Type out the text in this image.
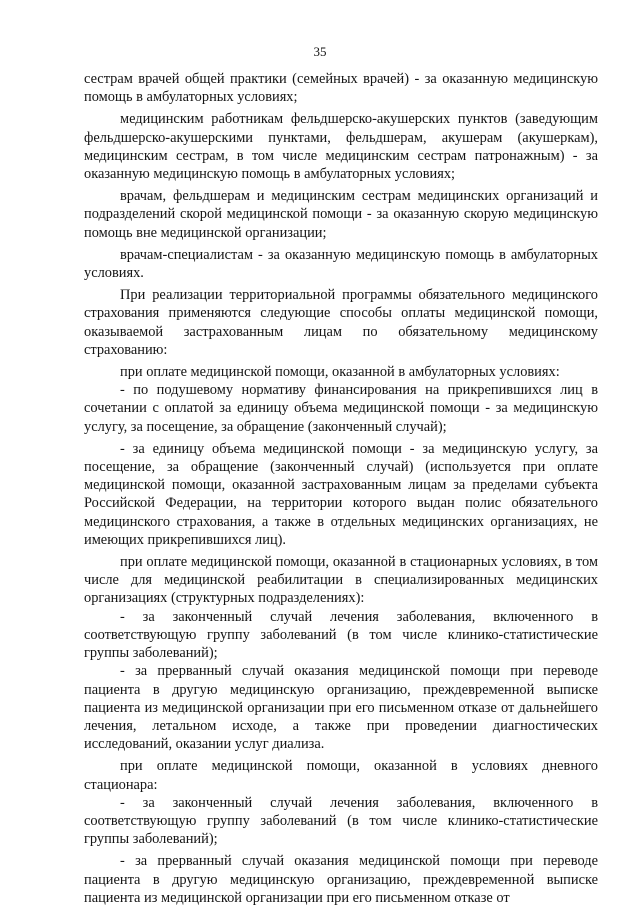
35

сестрам врачей общей практики (семейных врачей) - за оказанную медицинскую помощь в амбулаторных условиях;

медицинским работникам фельдшерско-акушерских пунктов (заведующим фельдшерско-акушерскими пунктами, фельдшерам, акушерам (акушеркам), медицинским сестрам, в том числе медицинским сестрам патронажным) - за оказанную медицинскую помощь в амбулаторных условиях;

врачам, фельдшерам и медицинским сестрам медицинских организаций и подразделений скорой медицинской помощи - за оказанную скорую медицинскую помощь вне медицинской организации;

врачам-специалистам - за оказанную медицинскую помощь в амбулаторных условиях.

При реализации территориальной программы обязательного медицинского страхования применяются следующие способы оплаты медицинской помощи, оказываемой застрахованным лицам по обязательному медицинскому страхованию:

при оплате медицинской помощи, оказанной в амбулаторных условиях:

- по подушевому нормативу финансирования на прикрепившихся лиц в сочетании с оплатой за единицу объема медицинской помощи - за медицинскую услугу, за посещение, за обращение (законченный случай);

- за единицу объема медицинской помощи - за медицинскую услугу, за посещение, за обращение (законченный случай) (используется при оплате медицинской помощи, оказанной застрахованным лицам за пределами субъекта Российской Федерации, на территории которого выдан полис обязательного медицинского страхования, а также в отдельных медицинских организациях, не имеющих прикрепившихся лиц).

при оплате медицинской помощи, оказанной в стационарных условиях, в том числе для медицинской реабилитации в специализированных медицинских организациях (структурных подразделениях):

- за законченный случай лечения заболевания, включенного в соответствующую группу заболеваний (в том числе клинико-статистические группы заболеваний);

- за прерванный случай оказания медицинской помощи при переводе пациента в другую медицинскую организацию, преждевременной выписке пациента из медицинской организации при его письменном отказе от дальнейшего лечения, летальном исходе, а также при проведении диагностических исследований, оказании услуг диализа.

при оплате медицинской помощи, оказанной в условиях дневного стационара:

- за законченный случай лечения заболевания, включенного в соответствующую группу заболеваний (в том числе клинико-статистические группы заболеваний);

- за прерванный случай оказания медицинской помощи при переводе пациента в другую медицинскую организацию, преждевременной выписке пациента из медицинской организации при его письменном отказе от
